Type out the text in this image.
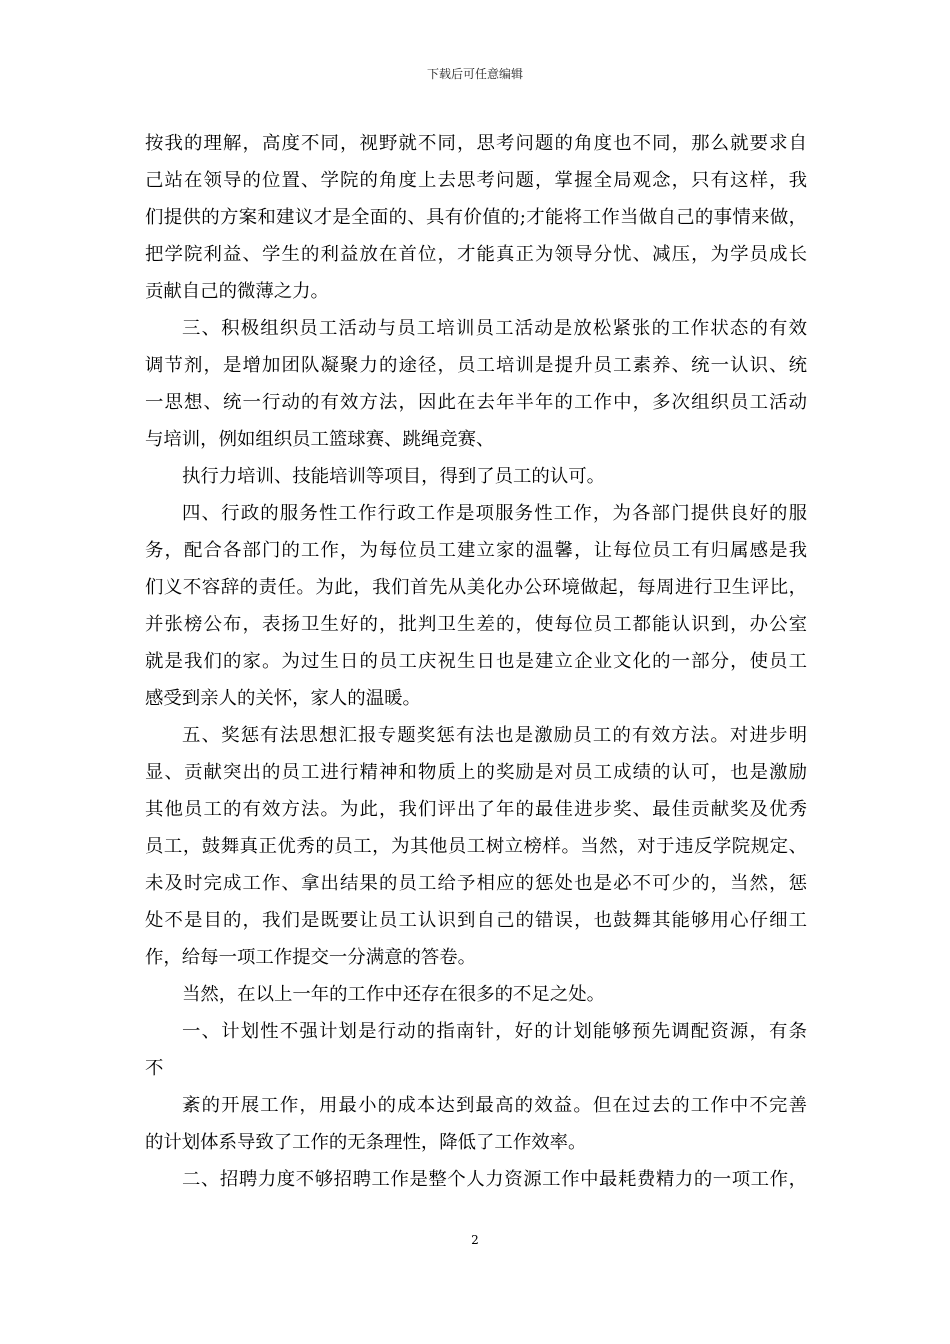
下载后可任意编辑
按我的理解，高度不同，视野就不同，思考问题的角度也不同，那么就要求自
己站在领导的位置、学院的角度上去思考问题，掌握全局观念，只有这样，我
们提供的方案和建议才是全面的、具有价值的;才能将工作当做自己的事情来做，
把学院利益、学生的利益放在首位，才能真正为领导分忧、减压，为学员成长
贡献自己的微薄之力。
三、积极组织员工活动与员工培训员工活动是放松紧张的工作状态的有效
调节剂，是增加团队凝聚力的途径，员工培训是提升员工素养、统一认识、统
一思想、统一行动的有效方法，因此在去年半年的工作中，多次组织员工活动
与培训，例如组织员工篮球赛、跳绳竞赛、
执行力培训、技能培训等项目，得到了员工的认可。
四、行政的服务性工作行政工作是项服务性工作，为各部门提供良好的服
务，配合各部门的工作，为每位员工建立家的温馨，让每位员工有归属感是我
们义不容辞的责任。为此，我们首先从美化办公环境做起，每周进行卫生评比，
并张榜公布，表扬卫生好的，批判卫生差的，使每位员工都能认识到，办公室
就是我们的家。为过生日的员工庆祝生日也是建立企业文化的一部分，使员工
感受到亲人的关怀，家人的温暖。
五、奖惩有法思想汇报专题奖惩有法也是激励员工的有效方法。对进步明
显、贡献突出的员工进行精神和物质上的奖励是对员工成绩的认可，也是激励
其他员工的有效方法。为此，我们评出了年的最佳进步奖、最佳贡献奖及优秀
员工，鼓舞真正优秀的员工，为其他员工树立榜样。当然，对于违反学院规定、
未及时完成工作、拿出结果的员工给予相应的惩处也是必不可少的，当然，惩
处不是目的，我们是既要让员工认识到自己的错误，也鼓舞其能够用心仔细工
作，给每一项工作提交一分满意的答卷。
当然，在以上一年的工作中还存在很多的不足之处。
一、计划性不强计划是行动的指南针，好的计划能够预先调配资源，有条
不
紊的开展工作，用最小的成本达到最高的效益。但在过去的工作中不完善
的计划体系导致了工作的无条理性，降低了工作效率。
二、招聘力度不够招聘工作是整个人力资源工作中最耗费精力的一项工作，
2
